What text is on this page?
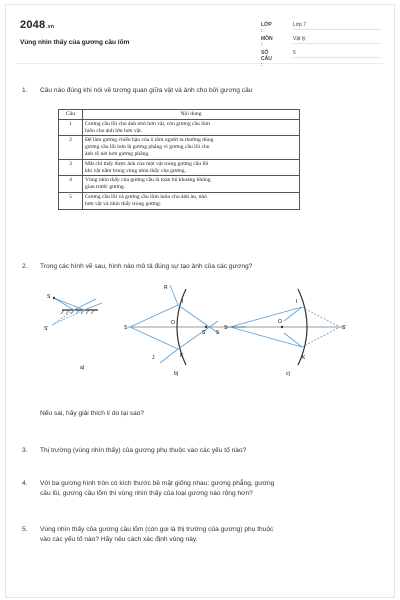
2048.vn
Vùng nhìn thấy của gương cầu lõm
LỚP :
Lớp 7
MÔN :
Vật lý
SỐ CÂU :
5
1. Câu nào đúng khi nói về tương quan giữa vật và ảnh cho bởi gương cầu
Câu	Nội dung
1	Gương cầu lồi cho ảnh nhỏ hơn vật, còn gương cầu lõm
luôn cho ảnh lớn hơn vật.

2	Để làm gương chiếu hậu của ô tôm người ta thường dùng
gương cầu lồi hơn là gương phẳng vì gương cầu lồi cho
ảnh rõ nét hơn gương phẳng.

3	Mắt chỉ thấy được ảnh của một vật trong gương cầu lồi
khi vật nằm trong vùng nhìn thấy của gương.

4	Vùng nhìn thấy của gương cầu là toàn bộ khoảng không
gian trước gương.

5	Gương cầu lồi và gương cầu lõm luôn cho ảnh ảo, nhỏ
hơn vật và nhìn thấy trong gương.
2. Trong các hình vẽ sau, hình nào mô tả đúng sự tạo ảnh của các gương?
S
S'
a)
R
I
K
J
S
O
S' S
b)
I
K
S
O
S'
c)
Nếu sai, hãy giải thích lí do tại sao?
3. Thị trường (vùng nhìn thấy) của gương phụ thuộc vào các yếu tố nào?
4. Với ba gương hình tròn có kích thước bề mặt giống nhau: gương phẳng, gương
cầu lồi, gương cầu lõm thì vùng nhìn thấy của loại gương nào rộng hơn?
5. Vùng nhìn thấy của gương cầu lõm (còn gọi là thị trường của gương) phụ thuộc
vào các yếu tố nào? Hãy nêu cách xác định vùng này.
